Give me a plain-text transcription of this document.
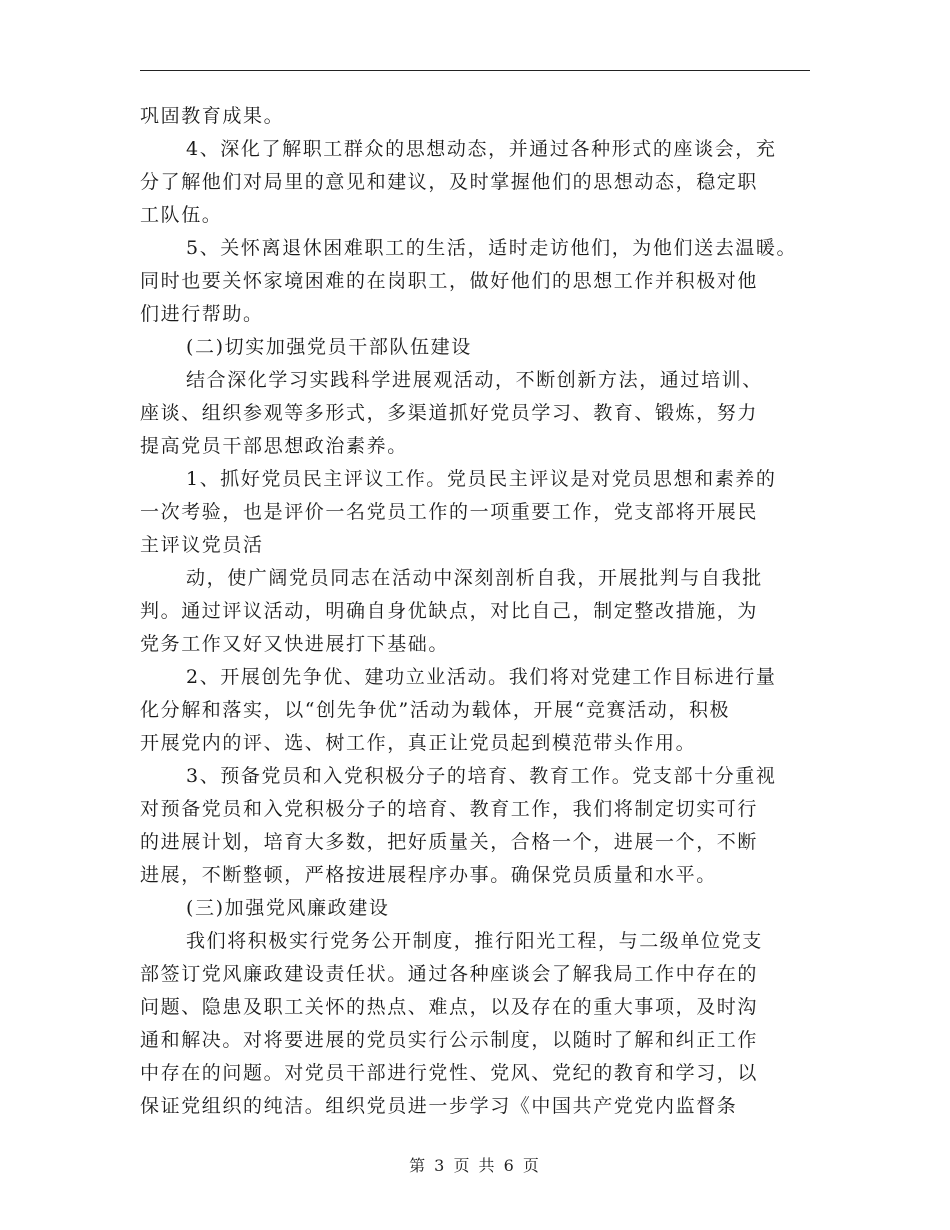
巩固教育成果。
4、深化了解职工群众的思想动态，并通过各种形式的座谈会，充
分了解他们对局里的意见和建议，及时掌握他们的思想动态，稳定职
工队伍。
5、关怀离退休困难职工的生活，适时走访他们，为他们送去温暖。
同时也要关怀家境困难的在岗职工，做好他们的思想工作并积极对他
们进行帮助。
(二)切实加强党员干部队伍建设
结合深化学习实践科学进展观活动，不断创新方法，通过培训、
座谈、组织参观等多形式，多渠道抓好党员学习、教育、锻炼，努力
提高党员干部思想政治素养。
1、抓好党员民主评议工作。党员民主评议是对党员思想和素养的
一次考验，也是评价一名党员工作的一项重要工作，党支部将开展民
主评议党员活
动，使广阔党员同志在活动中深刻剖析自我，开展批判与自我批
判。通过评议活动，明确自身优缺点，对比自己，制定整改措施，为
党务工作又好又快进展打下基础。
2、开展创先争优、建功立业活动。我们将对党建工作目标进行量
化分解和落实，以“创先争优”活动为载体，开展“竞赛活动，积极
开展党内的评、选、树工作，真正让党员起到模范带头作用。
3、预备党员和入党积极分子的培育、教育工作。党支部十分重视
对预备党员和入党积极分子的培育、教育工作，我们将制定切实可行
的进展计划，培育大多数，把好质量关，合格一个，进展一个，不断
进展，不断整顿，严格按进展程序办事。确保党员质量和水平。
(三)加强党风廉政建设
我们将积极实行党务公开制度，推行阳光工程，与二级单位党支
部签订党风廉政建设责任状。通过各种座谈会了解我局工作中存在的
问题、隐患及职工关怀的热点、难点，以及存在的重大事项，及时沟
通和解决。对将要进展的党员实行公示制度，以随时了解和纠正工作
中存在的问题。对党员干部进行党性、党风、党纪的教育和学习，以
保证党组织的纯洁。组织党员进一步学习《中国共产党党内监督条
第 3 页 共 6 页
